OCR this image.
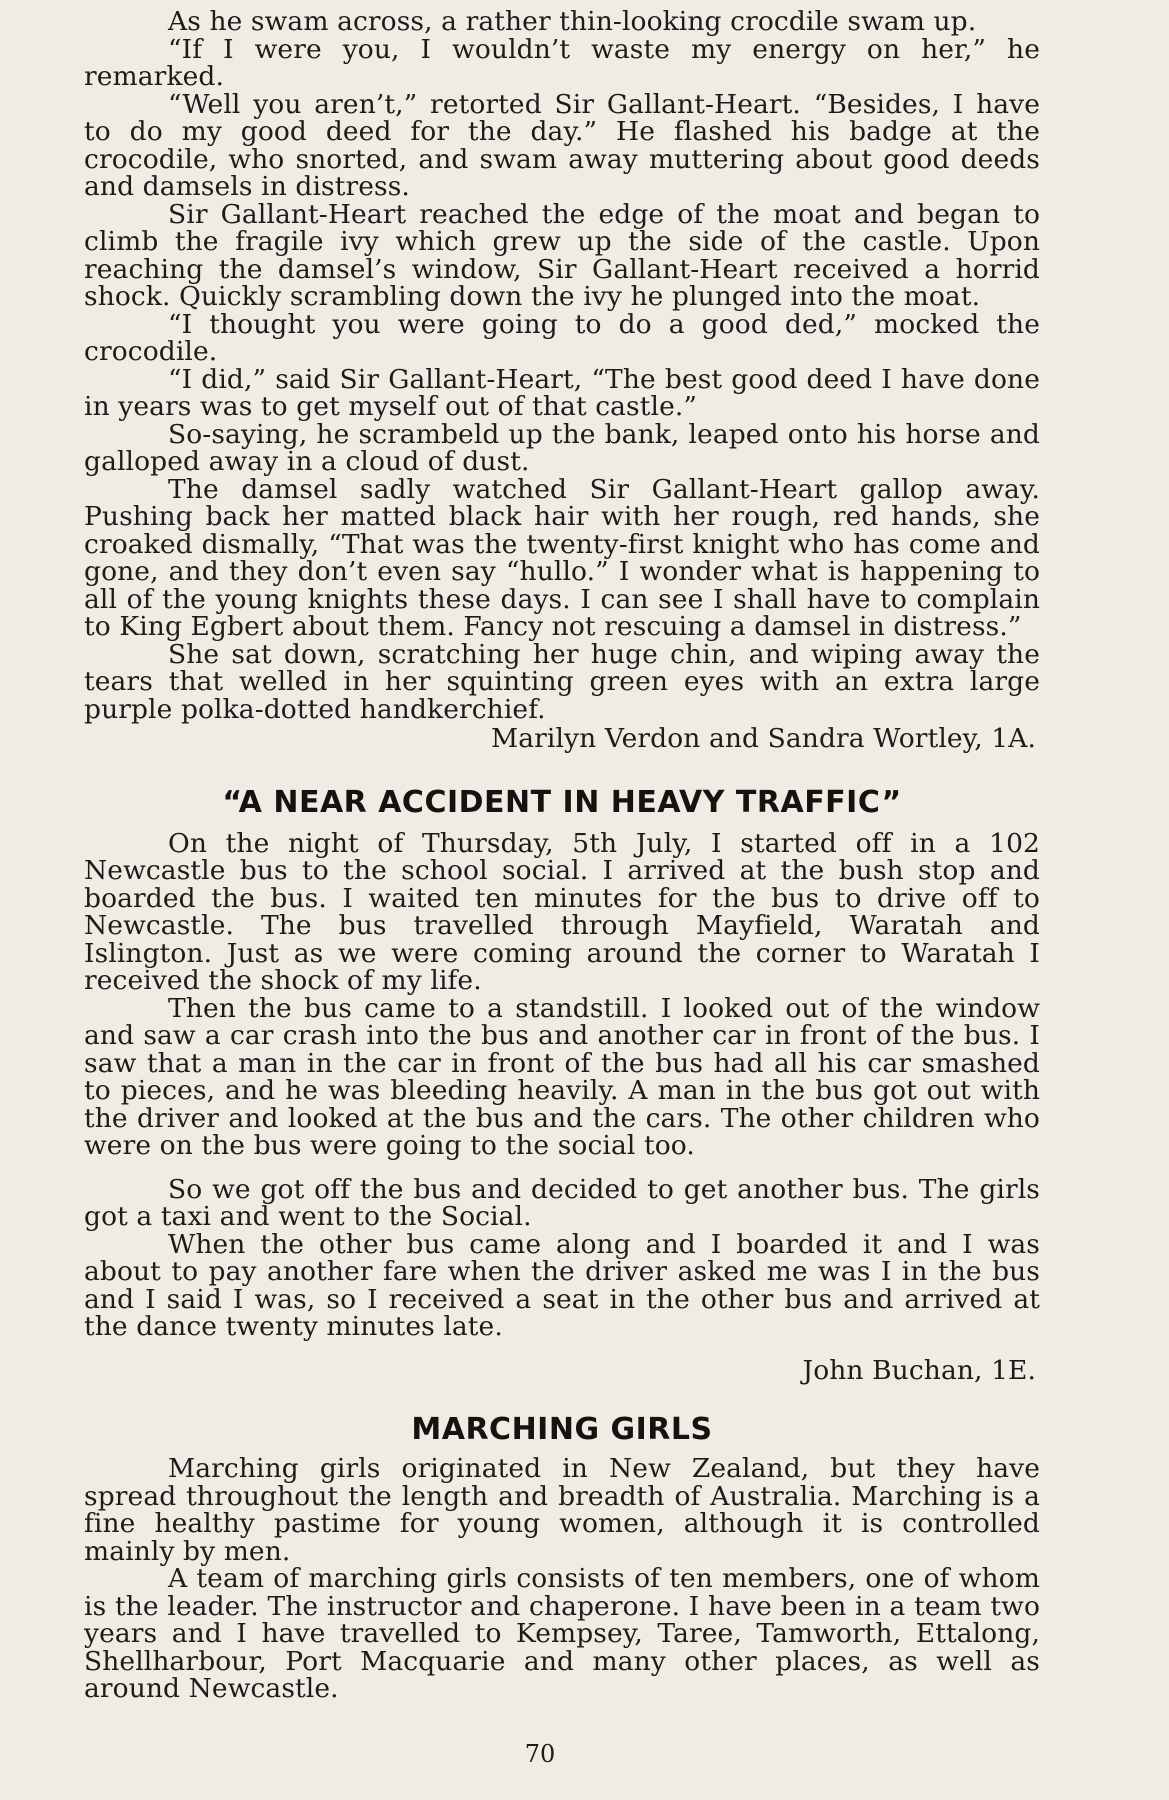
As he swam across, a rather thin-looking crocdile swam up.

“If I were you, I wouldn’t waste my energy on her,” he remarked.

“Well you aren’t,” retorted Sir Gallant-Heart. “Besides, I have to do my good deed for the day.” He flashed his badge at the crocodile, who snorted, and swam away muttering about good deeds and damsels in distress.

Sir Gallant-Heart reached the edge of the moat and began to climb the fragile ivy which grew up the side of the castle. Upon reaching the damsel’s window, Sir Gallant-Heart received a horrid shock. Quickly scrambling down the ivy he plunged into the moat.

“I thought you were going to do a good ded,” mocked the crocodile.

“I did,” said Sir Gallant-Heart, “The best good deed I have done in years was to get myself out of that castle.”

So-saying, he scrambeld up the bank, leaped onto his horse and galloped away in a cloud of dust.

The damsel sadly watched Sir Gallant-Heart gallop away. Pushing back her matted black hair with her rough, red hands, she croaked dismally, “That was the twenty-first knight who has come and gone, and they don’t even say “hullo.” I wonder what is happening to all of the young knights these days. I can see I shall have to complain to King Egbert about them. Fancy not rescuing a damsel in distress.”

She sat down, scratching her huge chin, and wiping away the tears that welled in her squinting green eyes with an extra large purple polka-dotted handkerchief.

Marilyn Verdon and Sandra Wortley, 1A.

“A NEAR ACCIDENT IN HEAVY TRAFFIC”

On the night of Thursday, 5th July, I started off in a 102 Newcastle bus to the school social. I arrived at the bush stop and boarded the bus. I waited ten minutes for the bus to drive off to Newcastle. The bus travelled through Mayfield, Waratah and Islington. Just as we were coming around the corner to Waratah I received the shock of my life.

Then the bus came to a standstill. I looked out of the window and saw a car crash into the bus and another car in front of the bus. I saw that a man in the car in front of the bus had all his car smashed to pieces, and he was bleeding heavily. A man in the bus got out with the driver and looked at the bus and the cars. The other children who were on the bus were going to the social too.

So we got off the bus and decided to get another bus. The girls got a taxi and went to the Social.

When the other bus came along and I boarded it and I was about to pay another fare when the driver asked me was I in the bus and I said I was, so I received a seat in the other bus and arrived at the dance twenty minutes late.

John Buchan, 1E.

MARCHING GIRLS

Marching girls originated in New Zealand, but they have spread throughout the length and breadth of Australia. Marching is a fine healthy pastime for young women, although it is controlled mainly by men.

A team of marching girls consists of ten members, one of whom is the leader. The instructor and chaperone. I have been in a team two years and I have travelled to Kempsey, Taree, Tamworth, Ettalong, Shellharbour, Port Macquarie and many other places, as well as around Newcastle.

70
